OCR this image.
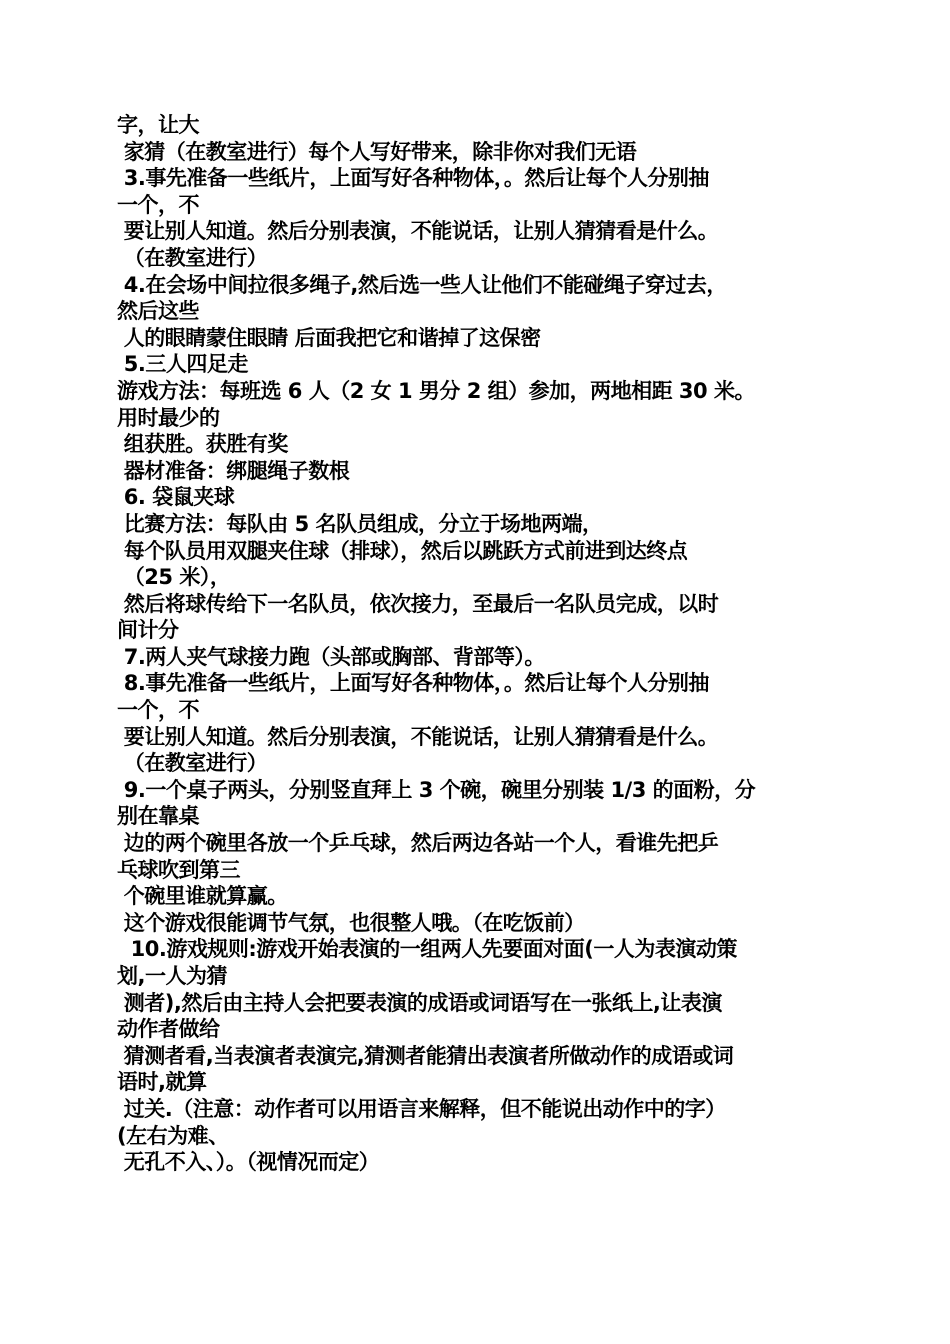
字，让大
家猜（在教室进行）每个人写好带来，除非你对我们无语
3.事先准备一些纸片，上面写好各种物体，。然后让每个人分别抽
一个，不
要让别人知道。然后分别表演，不能说话，让别人猜猜看是什么。
（在教室进行）
4.在会场中间拉很多绳子,然后选一些人让他们不能碰绳子穿过去，
然后这些
人的眼睛蒙住眼睛 后面我把它和谐掉了这保密
5.三人四足走
游戏方法：每班选 6 人（2 女 1 男分 2 组）参加，两地相距 30 米。
用时最少的
组获胜。获胜有奖
器材准备：绑腿绳子数根
6. 袋鼠夹球
比赛方法：每队由 5 名队员组成，分立于场地两端，
每个队员用双腿夹住球（排球），然后以跳跃方式前进到达终点
（25 米），
然后将球传给下一名队员，依次接力，至最后一名队员完成，以时
间计分
7.两人夹气球接力跑（头部或胸部、背部等）。
8.事先准备一些纸片，上面写好各种物体，。然后让每个人分别抽
一个，不
要让别人知道。然后分别表演，不能说话，让别人猜猜看是什么。
（在教室进行）
9.一个桌子两头，分别竖直拜上 3 个碗，碗里分别装 1/3 的面粉，分
别在靠桌
边的两个碗里各放一个乒乓球，然后两边各站一个人，看谁先把乒
乓球吹到第三
个碗里谁就算赢。
这个游戏很能调节气氛，也很整人哦。（在吃饭前）
10.游戏规则:游戏开始表演的一组两人先要面对面(一人为表演动策
划,一人为猜
测者),然后由主持人会把要表演的成语或词语写在一张纸上,让表演
动作者做给
猜测者看,当表演者表演完,猜测者能猜出表演者所做动作的成语或词
语时,就算
过关.（注意：动作者可以用语言来解释，但不能说出动作中的字）
(左右为难、
无孔不入、）。（视情况而定）
